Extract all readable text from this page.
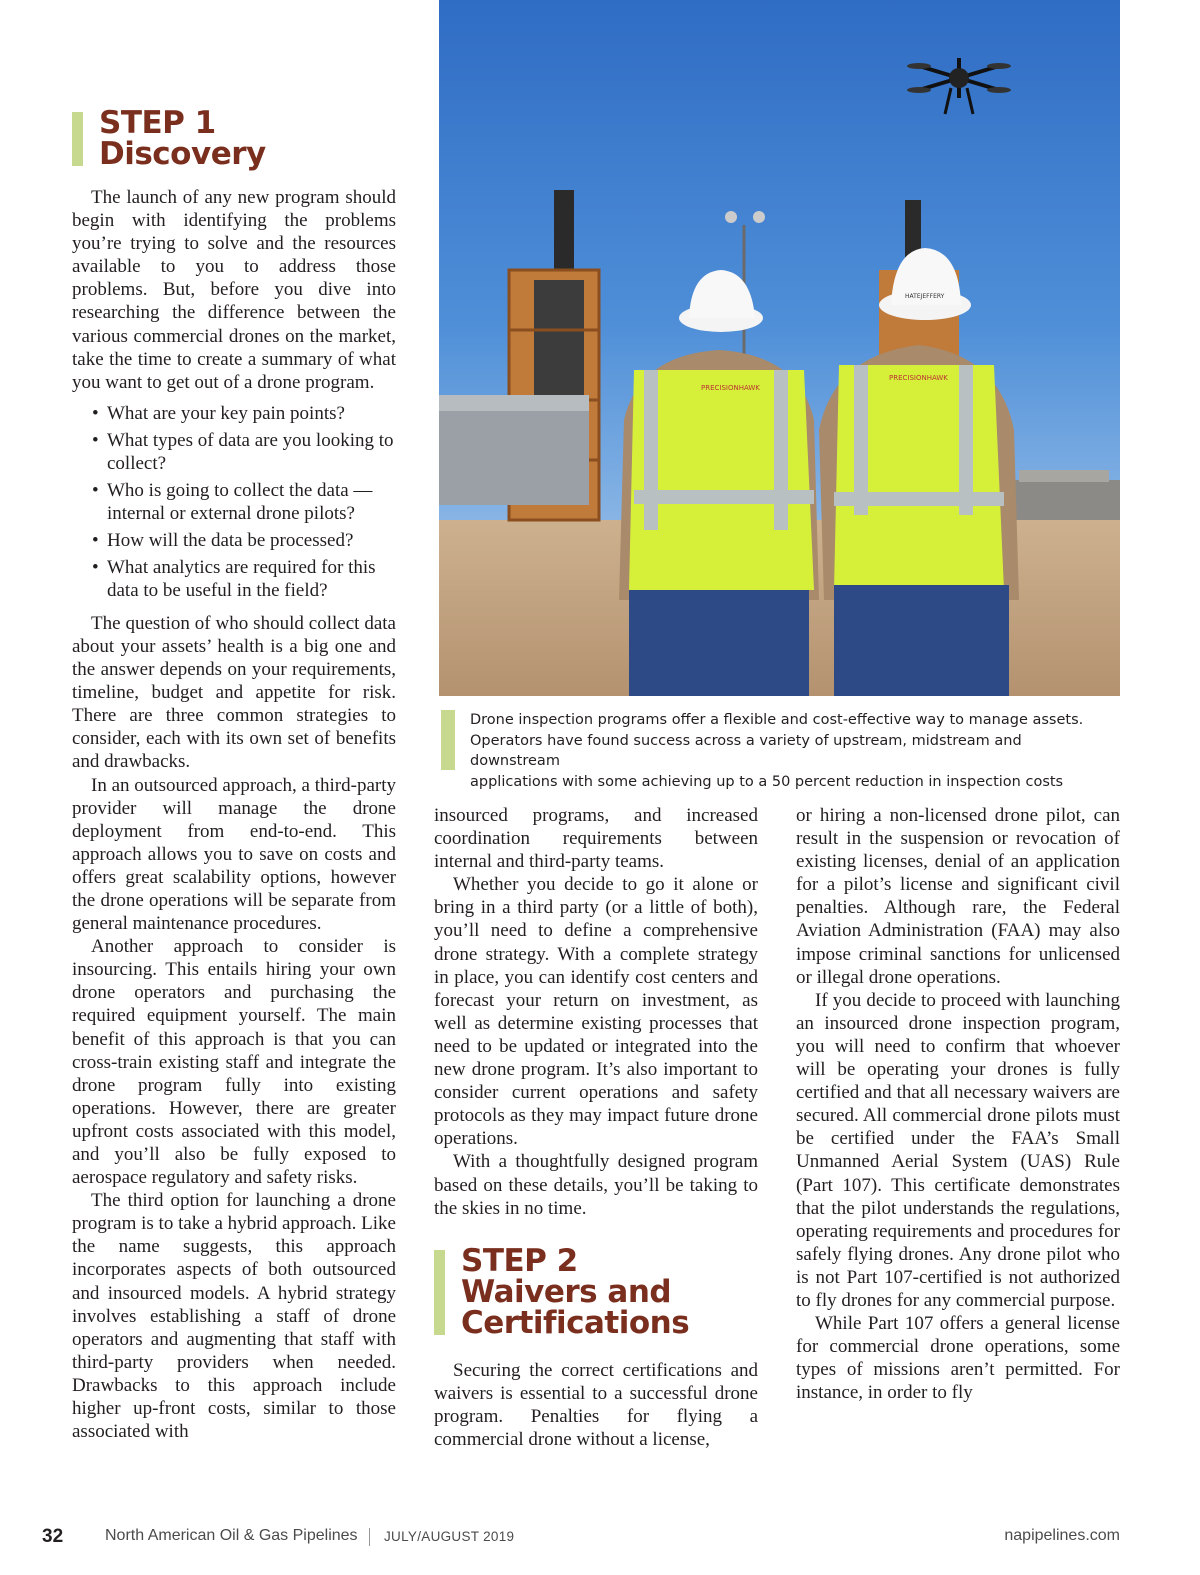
STEP 1
Discovery

The launch of any new program should begin with identifying the problems you’re trying to solve and the resources available to you to address those problems. But, before you dive into researching the difference between the various commercial drones on the market, take the time to create a summary of what you want to get out of a drone program.

• What are your key pain points?
• What types of data are you looking to collect?
• Who is going to collect the data — internal or external drone pilots?
• How will the data be processed?
• What analytics are required for this data to be useful in the field?

The question of who should collect data about your assets’ health is a big one and the answer depends on your requirements, timeline, budget and appetite for risk. There are three common strategies to consider, each with its own set of benefits and drawbacks.

In an outsourced approach, a third-party provider will manage the drone deployment from end-to-end. This approach allows you to save on costs and offers great scalability options, however the drone operations will be separate from general maintenance procedures.

Another approach to consider is insourcing. This entails hiring your own drone operators and purchasing the required equipment yourself. The main benefit of this approach is that you can cross-train existing staff and integrate the drone program fully into existing operations. However, there are greater upfront costs associated with this model, and you’ll also be fully exposed to aerospace regulatory and safety risks.

The third option for launching a drone program is to take a hybrid approach. Like the name suggests, this approach incorporates aspects of both outsourced and insourced models. A hybrid strategy involves establishing a staff of drone operators and augmenting that staff with third-party providers when needed. Drawbacks to this approach include higher up-front costs, similar to those associated with

PRECISIONHAWK
HATEJEFFERY
PRECISIONHAWK
Drone inspection programs offer a flexible and cost-effective way to manage assets.
Operators have found success across a variety of upstream, midstream and downstream
applications with some achieving up to a 50 percent reduction in inspection costs

insourced programs, and increased coordination requirements between internal and third-party teams.

Whether you decide to go it alone or bring in a third party (or a little of both), you’ll need to define a comprehensive drone strategy. With a complete strategy in place, you can identify cost centers and forecast your return on investment, as well as determine existing processes that need to be updated or integrated into the new drone program. It’s also important to consider current operations and safety protocols as they may impact future drone operations.

With a thoughtfully designed program based on these details, you’ll be taking to the skies in no time.

STEP 2
Waivers and
Certifications

Securing the correct certifications and waivers is essential to a successful drone program. Penalties for flying a commercial drone without a license,

or hiring a non-licensed drone pilot, can result in the suspension or revocation of existing licenses, denial of an application for a pilot’s license and significant civil penalties. Although rare, the Federal Aviation Administration (FAA) may also impose criminal sanctions for unlicensed or illegal drone operations.

If you decide to proceed with launching an insourced drone inspection program, you will need to confirm that whoever will be operating your drones is fully certified and that all necessary waivers are secured. All commercial drone pilots must be certified under the FAA’s Small Unmanned Aerial System (UAS) Rule (Part 107). This certificate demonstrates that the pilot understands the regulations, operating requirements and procedures for safely flying drones. Any drone pilot who is not Part 107-certified is not authorized to fly drones for any commercial purpose.

While Part 107 offers a general license for commercial drone operations, some types of missions aren’t permitted. For instance, in order to fly

32	North American Oil & Gas Pipelines JULY/AUGUST 2019	napipelines.com
